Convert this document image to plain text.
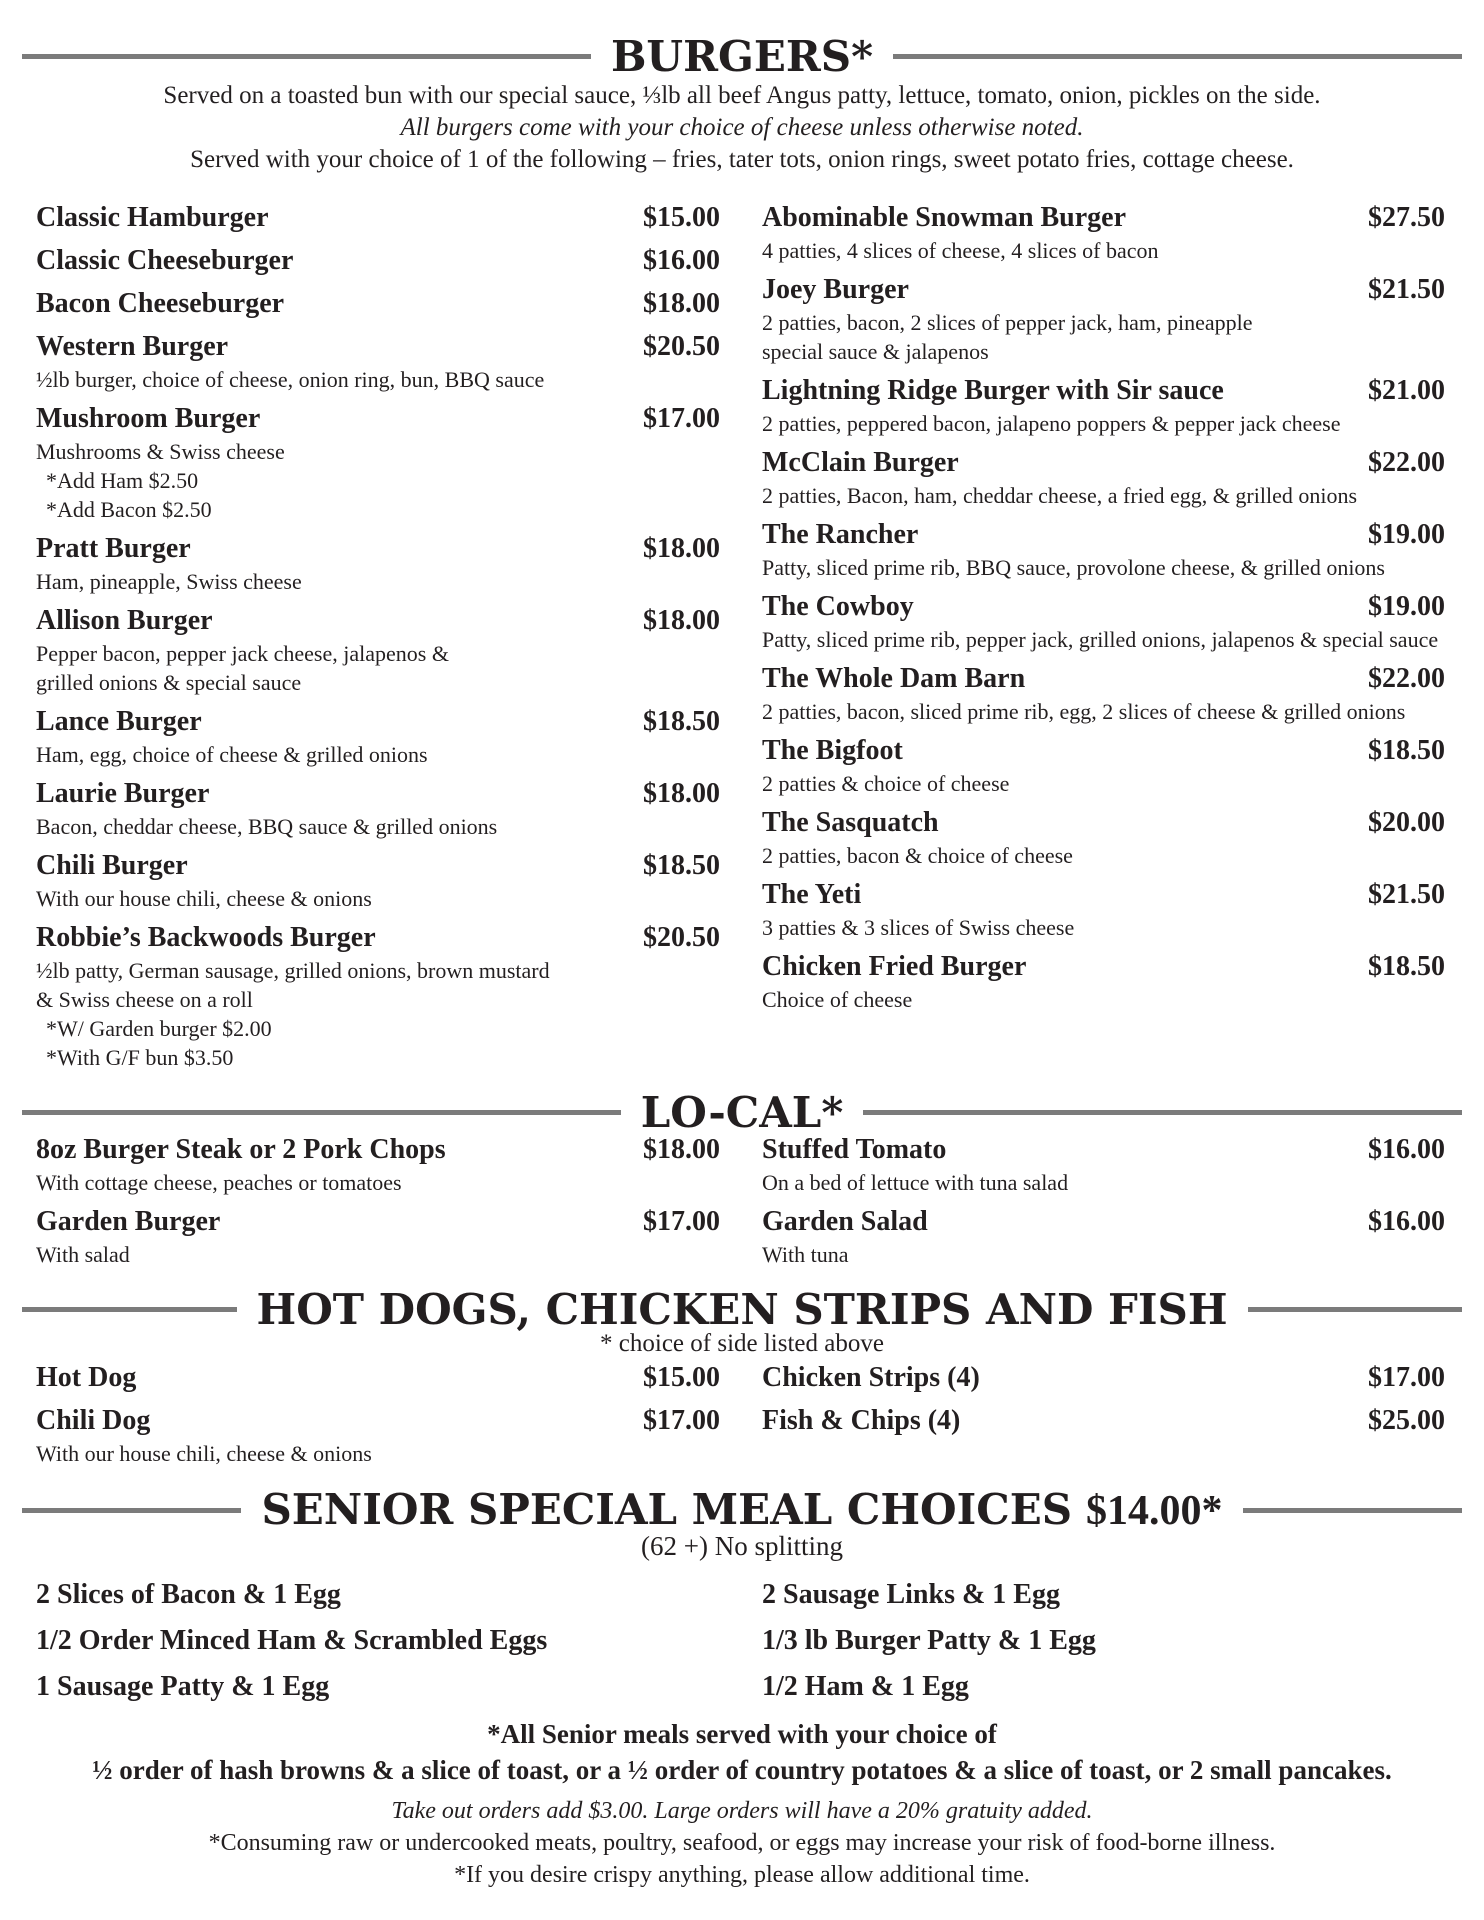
BURGERS*
Served on a toasted bun with our special sauce, ⅓lb all beef Angus patty, lettuce, tomato, onion, pickles on the side.
All burgers come with your choice of cheese unless otherwise noted.
Served with your choice of 1 of the following – fries, tater tots, onion rings, sweet potato fries, cottage cheese.
Classic Hamburger	$15.00
Classic Cheeseburger	$16.00
Bacon Cheeseburger	$18.00
Western Burger	$20.50
½lb burger, choice of cheese, onion ring, bun, BBQ sauce
Mushroom Burger	$17.00
Mushrooms & Swiss cheese
*Add Ham $2.50
*Add Bacon $2.50
Pratt Burger	$18.00
Ham, pineapple, Swiss cheese
Allison Burger	$18.00
Pepper bacon, pepper jack cheese, jalapenos &
grilled onions & special sauce
Lance Burger	$18.50
Ham, egg, choice of cheese & grilled onions
Laurie Burger	$18.00
Bacon, cheddar cheese, BBQ sauce & grilled onions
Chili Burger	$18.50
With our house chili, cheese & onions
Robbie’s Backwoods Burger	$20.50
½lb patty, German sausage, grilled onions, brown mustard
& Swiss cheese on a roll
*W/ Garden burger $2.00
*With G/F bun $3.50
Abominable Snowman Burger	$27.50
4 patties, 4 slices of cheese, 4 slices of bacon
Joey Burger	$21.50
2 patties, bacon, 2 slices of pepper jack, ham, pineapple
special sauce & jalapenos
Lightning Ridge Burger with Sir sauce	$21.00
2 patties, peppered bacon, jalapeno poppers & pepper jack cheese
McClain Burger	$22.00
2 patties, Bacon, ham, cheddar cheese, a fried egg, & grilled onions
The Rancher	$19.00
Patty, sliced prime rib, BBQ sauce, provolone cheese, & grilled onions
The Cowboy	$19.00
Patty, sliced prime rib, pepper jack, grilled onions, jalapenos & special sauce
The Whole Dam Barn	$22.00
2 patties, bacon, sliced prime rib, egg, 2 slices of cheese & grilled onions
The Bigfoot	$18.50
2 patties & choice of cheese
The Sasquatch	$20.00
2 patties, bacon & choice of cheese
The Yeti	$21.50
3 patties & 3 slices of Swiss cheese
Chicken Fried Burger	$18.50
Choice of cheese
LO-CAL*
8oz Burger Steak or 2 Pork Chops	$18.00
With cottage cheese, peaches or tomatoes
Garden Burger	$17.00
With salad
Stuffed Tomato	$16.00
On a bed of lettuce with tuna salad
Garden Salad	$16.00
With tuna
HOT DOGS, CHICKEN STRIPS AND FISH
* choice of side listed above
Hot Dog	$15.00
Chili Dog	$17.00
With our house chili, cheese & onions
Chicken Strips (4)	$17.00
Fish & Chips (4)	$25.00
SENIOR SPECIAL MEAL CHOICES $14.00*
(62 +) No splitting
2 Slices of Bacon & 1 Egg
1/2 Order Minced Ham & Scrambled Eggs
1 Sausage Patty & 1 Egg
2 Sausage Links & 1 Egg
1/3 lb Burger Patty & 1 Egg
1/2 Ham & 1 Egg
*All Senior meals served with your choice of
½ order of hash browns & a slice of toast, or a ½ order of country potatoes & a slice of toast, or 2 small pancakes.
Take out orders add $3.00. Large orders will have a 20% gratuity added.
*Consuming raw or undercooked meats, poultry, seafood, or eggs may increase your risk of food-borne illness.
*If you desire crispy anything, please allow additional time.
